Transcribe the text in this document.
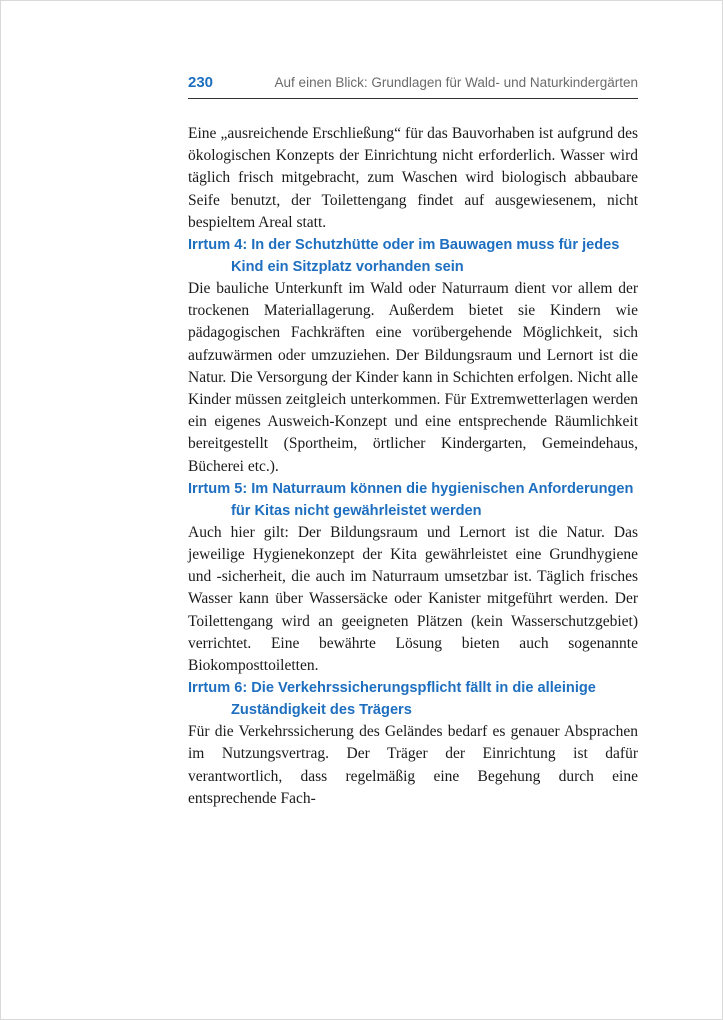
230	Auf einen Blick: Grundlagen für Wald- und Naturkindergärten

Eine „ausreichende Erschließung“ für das Bauvorhaben ist aufgrund des ökologischen Konzepts der Einrichtung nicht erforderlich. Wasser wird täglich frisch mitgebracht, zum Waschen wird biologisch abbaubare Seife benutzt, der Toilettengang findet auf ausgewiesenem, nicht bespieltem Areal statt.

Irrtum 4: In der Schutzhütte oder im Bauwagen muss für jedes Kind ein Sitzplatz vorhanden sein

Die bauliche Unterkunft im Wald oder Naturraum dient vor allem der trockenen Materiallagerung. Außerdem bietet sie Kindern wie pädagogischen Fachkräften eine vorübergehende Möglichkeit, sich aufzuwärmen oder umzuziehen. Der Bildungsraum und Lernort ist die Natur. Die Versorgung der Kinder kann in Schichten erfolgen. Nicht alle Kinder müssen zeitgleich unterkommen. Für Extremwetterlagen werden ein eigenes Ausweich-Konzept und eine entsprechende Räumlichkeit bereitgestellt (Sportheim, örtlicher Kindergarten, Gemeindehaus, Bücherei etc.).

Irrtum 5: Im Naturraum können die hygienischen Anforderungen für Kitas nicht gewährleistet werden

Auch hier gilt: Der Bildungsraum und Lernort ist die Natur. Das jeweilige Hygienekonzept der Kita gewährleistet eine Grundhygiene und -sicherheit, die auch im Naturraum umsetzbar ist. Täglich frisches Wasser kann über Wassersäcke oder Kanister mitgeführt werden. Der Toilettengang wird an geeigneten Plätzen (kein Wasserschutzgebiet) verrichtet. Eine bewährte Lösung bieten auch sogenannte Biokomposttoiletten.

Irrtum 6: Die Verkehrssicherungspflicht fällt in die alleinige Zuständigkeit des Trägers

Für die Verkehrssicherung des Geländes bedarf es genauer Absprachen im Nutzungsvertrag. Der Träger der Einrichtung ist dafür verantwortlich, dass regelmäßig eine Begehung durch eine entsprechende Fach-
